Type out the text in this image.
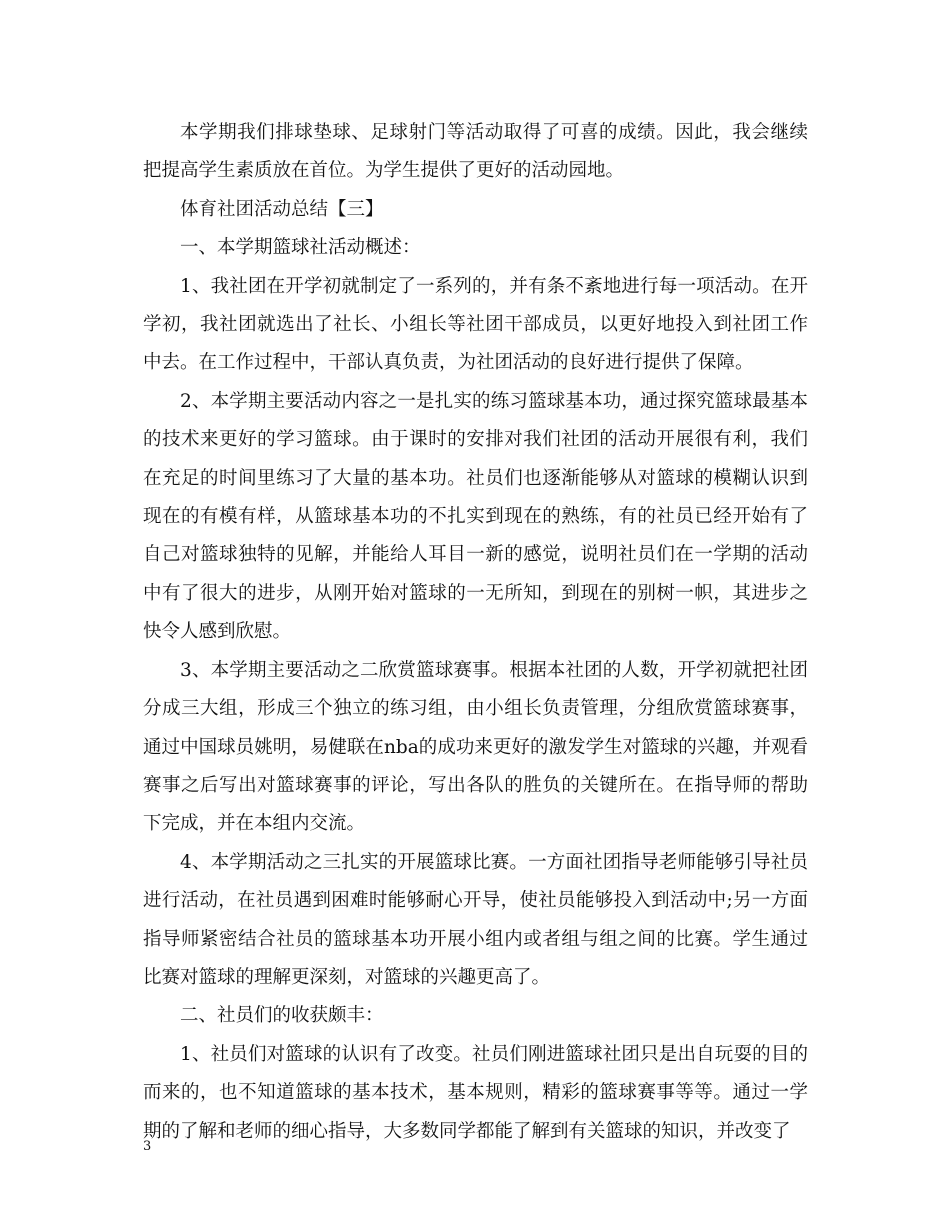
本学期我们排球垫球、足球射门等活动取得了可喜的成绩。因此，我会继续把提高学生素质放在首位。为学生提供了更好的活动园地。

体育社团活动总结【三】

一、本学期篮球社活动概述：

1、我社团在开学初就制定了一系列的，并有条不紊地进行每一项活动。在开学初，我社团就选出了社长、小组长等社团干部成员，以更好地投入到社团工作中去。在工作过程中，干部认真负责，为社团活动的良好进行提供了保障。

2、本学期主要活动内容之一是扎实的练习篮球基本功，通过探究篮球最基本的技术来更好的学习篮球。由于课时的安排对我们社团的活动开展很有利，我们在充足的时间里练习了大量的基本功。社员们也逐渐能够从对篮球的模糊认识到现在的有模有样，从篮球基本功的不扎实到现在的熟练，有的社员已经开始有了自己对篮球独特的见解，并能给人耳目一新的感觉，说明社员们在一学期的活动中有了很大的进步，从刚开始对篮球的一无所知，到现在的别树一帜，其进步之快令人感到欣慰。

3、本学期主要活动之二欣赏篮球赛事。根据本社团的人数，开学初就把社团分成三大组，形成三个独立的练习组，由小组长负责管理，分组欣赏篮球赛事，通过中国球员姚明，易健联在nba的成功来更好的激发学生对篮球的兴趣，并观看赛事之后写出对篮球赛事的评论，写出各队的胜负的关键所在。在指导师的帮助下完成，并在本组内交流。

4、本学期活动之三扎实的开展篮球比赛。一方面社团指导老师能够引导社员进行活动，在社员遇到困难时能够耐心开导，使社员能够投入到活动中;另一方面指导师紧密结合社员的篮球基本功开展小组内或者组与组之间的比赛。学生通过比赛对篮球的理解更深刻，对篮球的兴趣更高了。

二、社员们的收获颇丰：

1、社员们对篮球的认识有了改变。社员们刚进篮球社团只是出自玩耍的目的而来的，也不知道篮球的基本技术，基本规则，精彩的篮球赛事等等。通过一学期的了解和老师的细心指导，大多数同学都能了解到有关篮球的知识，并改变了

3
